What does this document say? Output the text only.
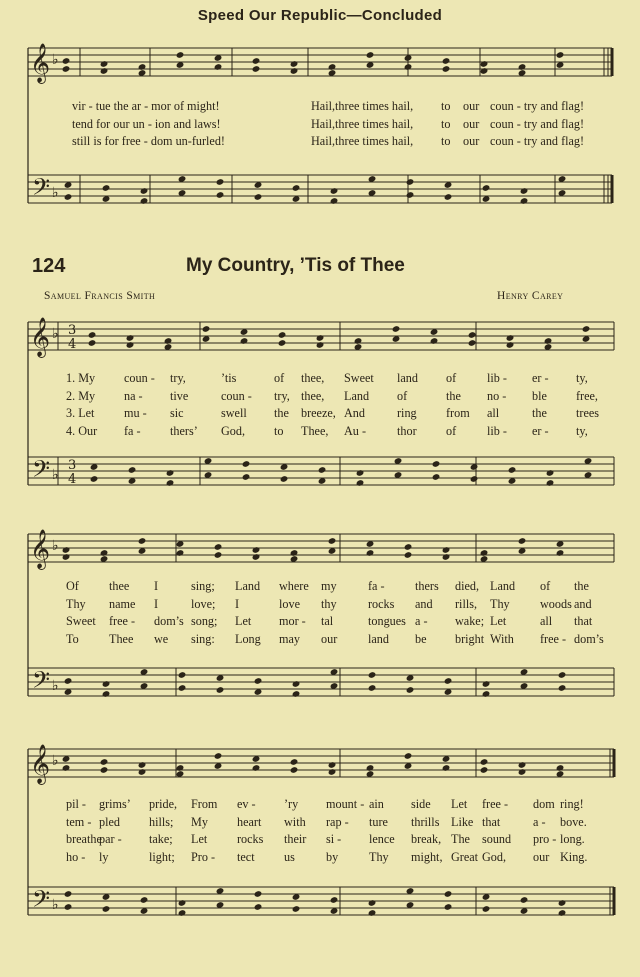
Speed Our Republic—Concluded
𝄞
𝄢
♭
♭
𝄞
𝄢
♭
♭
3
4
3
4
𝄞
𝄢
♭
♭
𝄞
𝄢
♭
♭
124	My Country, ’Tis of Thee
Samuel Francis Smith	Henry Carey
vir - tue the ar - mor of might!	Hail,three times hail, to our coun - try and flag!
tend for our un - ion and laws!	Hail,three times hail, to our coun - try and flag!
still is for free - dom un-furled!	Hail,three times hail, to our coun - try and flag!
1. My coun - try,	’tis	of thee, Sweet land of	lib - er - ty,
2. My na - tive	coun - try, thee, Land of	the no - ble free,
3. Let mu - sic	swell the breeze, And	ring from all	the trees
4. Our fa - thers’ God, to Thee, Au -	thor of	lib - er - ty,
Of thee I	sing; Land where my	fa - thers died, Land of the
Thy name I	love; I	love thy	rocks and rills, Thy woods and
Sweet free - dom’s song; Let mor - tal	tongues a - wake; Let	all that
To Thee we sing: Long may our	land be bright With free - dom’s
pil - grims’ pride, From ev - ’ry mount - ain side Let free - dom ring!
tem - pled hills; My heart with rap - ture thrills Like that	a - bove.
breathe
par - take; Let rocks their si - lence break, The sound pro - long.
ho - ly	light; Pro - tect us	by	Thy might, Great God, our King.
